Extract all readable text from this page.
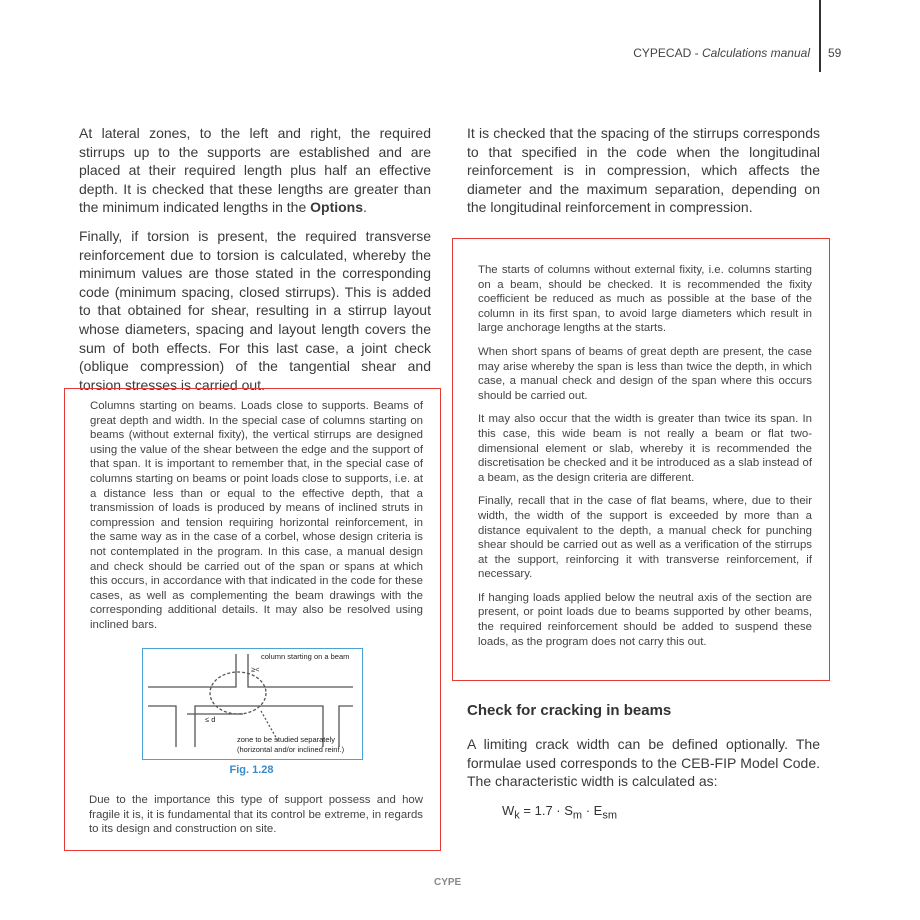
CYPECAD - Calculations manual 59

At lateral zones, to the left and right, the required stirrups up to the supports are established and are placed at their required length plus half an effective depth. It is checked that these lengths are greater than the minimum indicated lengths in the Options.

Finally, if torsion is present, the required transverse reinforcement due to torsion is calculated, whereby the minimum values are those stated in the corresponding code (minimum spacing, closed stirrups). This is added to that obtained for shear, resulting in a stirrup layout whose diameters, spacing and layout length covers the sum of both effects. For this last case, a joint check (oblique compression) of the tangential shear and torsion stresses is carried out.

Columns starting on beams. Loads close to supports. Beams of great depth and width. In the special case of columns starting on beams (without external fixity), the vertical stirrups are designed using the value of the shear between the edge and the support of that span. It is important to remember that, in the special case of columns starting on beams or point loads close to supports, i.e. at a distance less than or equal to the effective depth, that a transmission of loads is produced by means of inclined struts in compression and tension requiring horizontal reinforcement, in the same way as in the case of a corbel, whose design criteria is not contemplated in the program. In this case, a manual design and check should be carried out of the span or spans at which this occurs, in accordance with that indicated in the code for these cases, as well as complementing the beam drawings with the corresponding additional details. It may also be resolved using inclined bars.

column starting on a beam
≥<
≤ d
zone to be studied separately
(horizontal and/or inclined reinf.)
Fig. 1.28

Due to the importance this type of support possess and how fragile it is, it is fundamental that its control be extreme, in regards to its design and construction on site.

It is checked that the spacing of the stirrups corresponds to that specified in the code when the longitudinal reinforcement is in compression, which affects the diameter and the maximum separation, depending on the longitudinal reinforcement in compression.

The starts of columns without external fixity, i.e. columns starting on a beam, should be checked. It is recommended the fixity coefficient be reduced as much as possible at the base of the column in its first span, to avoid large diameters which result in large anchorage lengths at the starts.

When short spans of beams of great depth are present, the case may arise whereby the span is less than twice the depth, in which case, a manual check and design of the span where this occurs should be carried out.

It may also occur that the width is greater than twice its span. In this case, this wide beam is not really a beam or flat two-dimensional element or slab, whereby it is recommended the discretisation be checked and it be introduced as a slab instead of a beam, as the design criteria are different.

Finally, recall that in the case of flat beams, where, due to their width, the width of the support is exceeded by more than a distance equivalent to the depth, a manual check for punching shear should be carried out as well as a verification of the stirrups at the support, reinforcing it with transverse reinforcement, if necessary.

If hanging loads applied below the neutral axis of the section are present, or point loads due to beams supported by other beams, the required reinforcement should be added to suspend these loads, as the program does not carry this out.

Check for cracking in beams

A limiting crack width can be defined optionally. The formulae used corresponds to the CEB-FIP Model Code. The characteristic width is calculated as:

$W_k = 1.7 \cdot S_m \cdot E_{sm}$
CYPE
